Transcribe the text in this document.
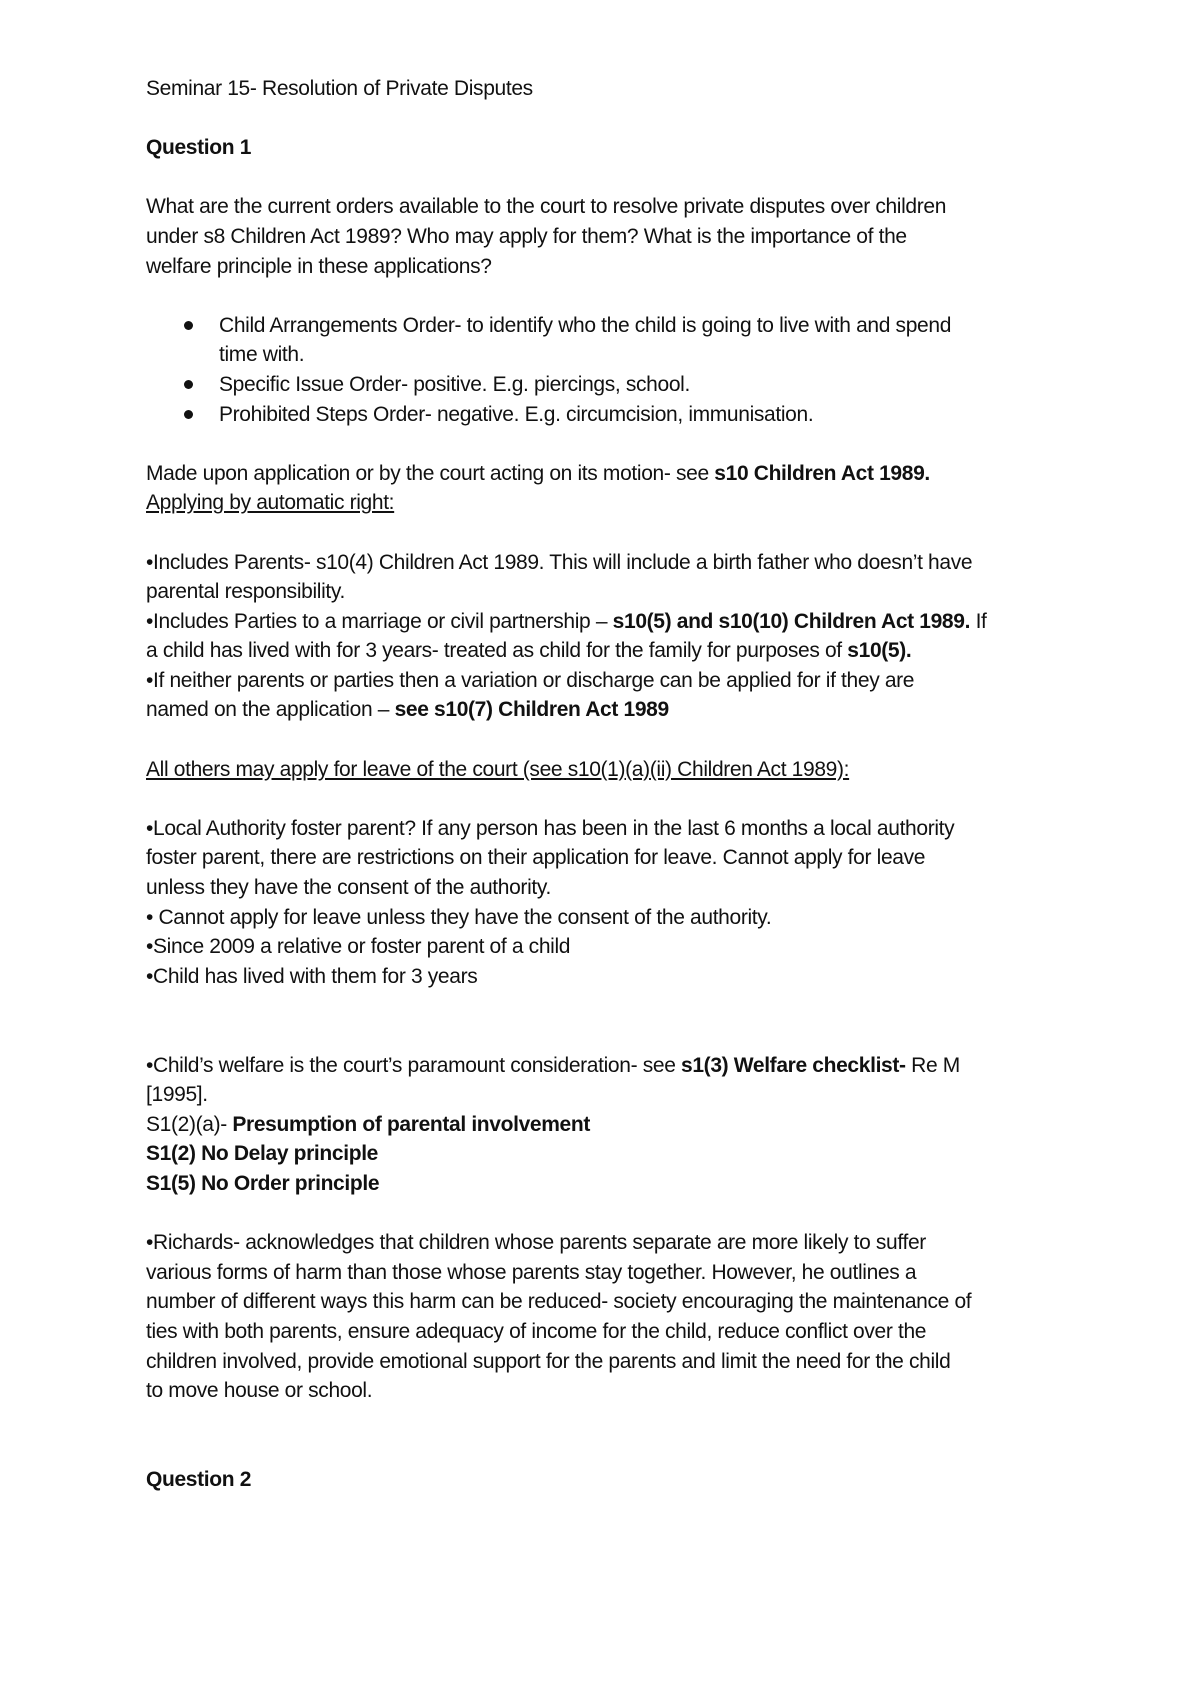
Seminar 15- Resolution of Private Disputes
Question 1
What are the current orders available to the court to resolve private disputes over children
under s8 Children Act 1989? Who may apply for them? What is the importance of the
welfare principle in these applications?
Child Arrangements Order- to identify who the child is going to live with and spend
time with.
Specific Issue Order- positive. E.g. piercings, school.
Prohibited Steps Order- negative. E.g. circumcision, immunisation.
Made upon application or by the court acting on its motion- see s10 Children Act 1989.
Applying by automatic right:
•Includes Parents- s10(4) Children Act 1989. This will include a birth father who doesn’t have
parental responsibility.
•Includes Parties to a marriage or civil partnership – s10(5) and s10(10) Children Act 1989. If
a child has lived with for 3 years- treated as child for the family for purposes of s10(5).
•If neither parents or parties then a variation or discharge can be applied for if they are
named on the application – see s10(7) Children Act 1989
All others may apply for leave of the court (see s10(1)(a)(ii) Children Act 1989):
•Local Authority foster parent? If any person has been in the last 6 months a local authority
foster parent, there are restrictions on their application for leave. Cannot apply for leave
unless they have the consent of the authority.
• Cannot apply for leave unless they have the consent of the authority.
•Since 2009 a relative or foster parent of a child
•Child has lived with them for 3 years
•Child’s welfare is the court’s paramount consideration- see s1(3) Welfare checklist- Re M
[1995].
S1(2)(a)- Presumption of parental involvement
S1(2) No Delay principle
S1(5) No Order principle
•Richards- acknowledges that children whose parents separate are more likely to suffer
various forms of harm than those whose parents stay together. However, he outlines a
number of different ways this harm can be reduced- society encouraging the maintenance of
ties with both parents, ensure adequacy of income for the child, reduce conflict over the
children involved, provide emotional support for the parents and limit the need for the child
to move house or school.
Question 2
